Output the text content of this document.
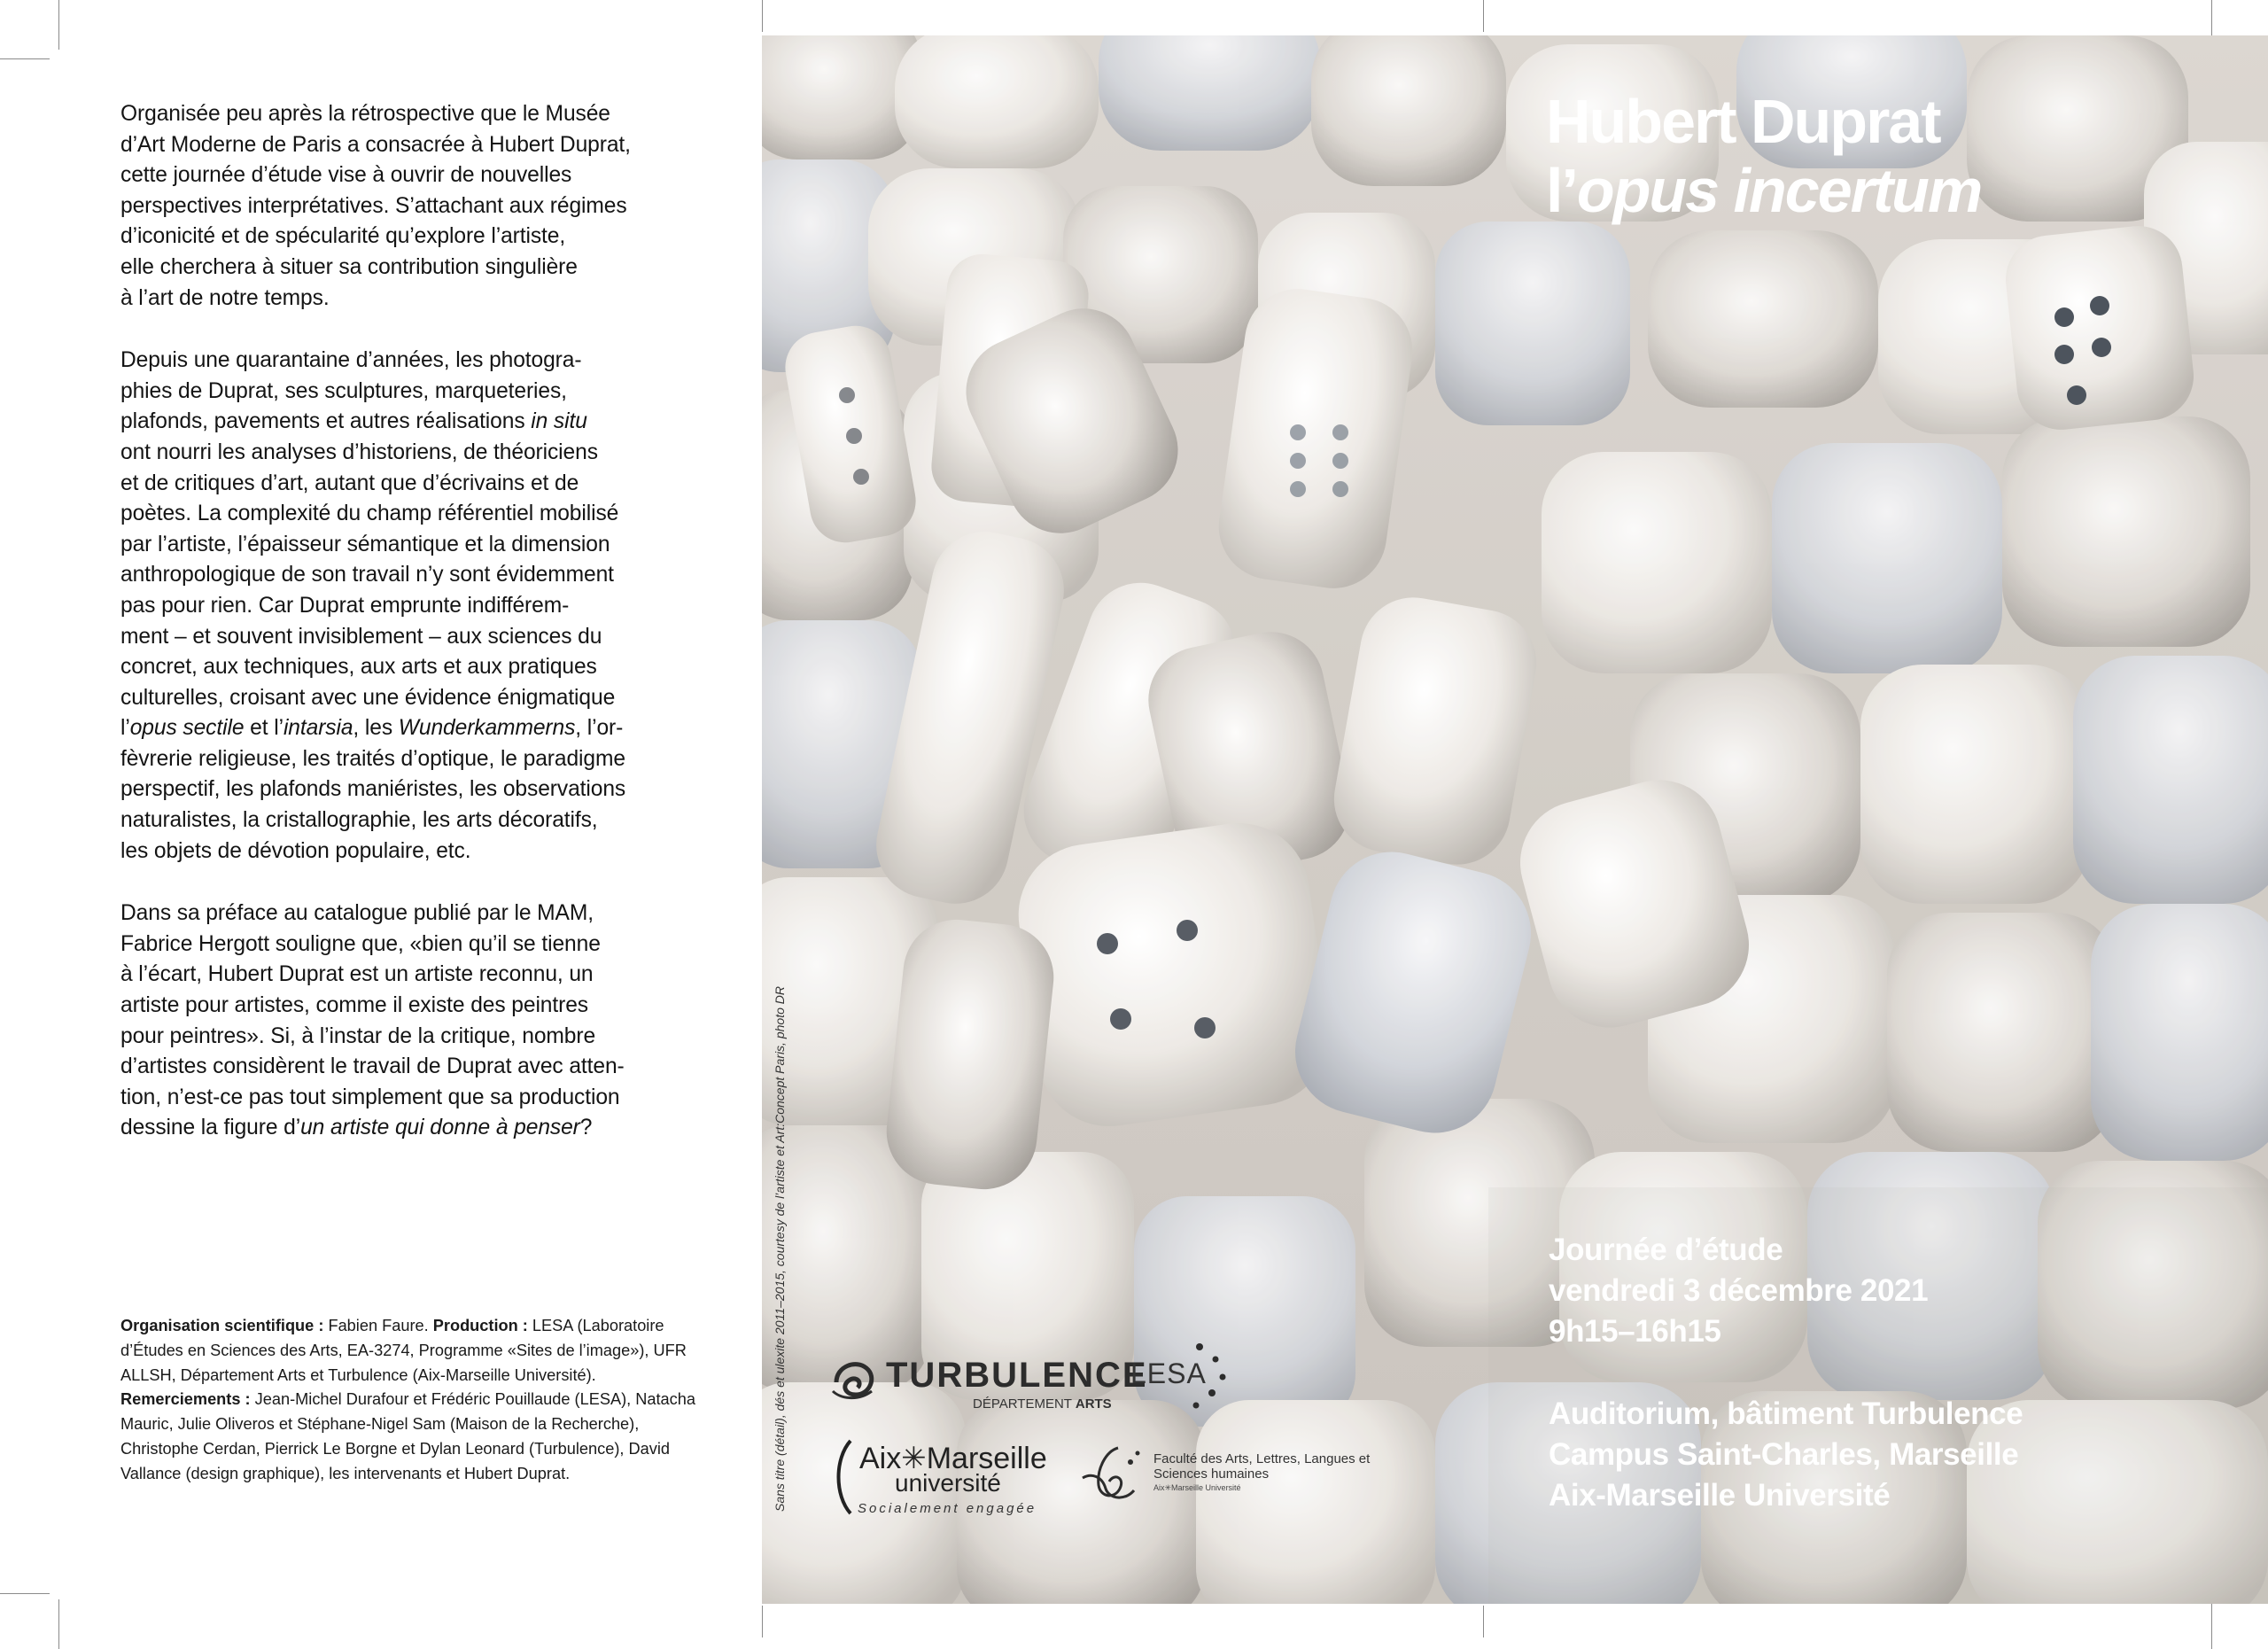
Organisée peu après la rétrospective que le Musée
d’Art Moderne de Paris a consacrée à Hubert Duprat,
cette journée d’étude vise à ouvrir de nouvelles
perspectives interprétatives. S’attachant aux régimes
d’iconicité et de spécularité qu’explore l’artiste,
elle cherchera à situer sa contribution singulière
à l’art de notre temps.

Depuis une quarantaine d’années, les photogra-
phies de Duprat, ses sculptures, marqueteries,
plafonds, pavements et autres réalisations in situ
ont nourri les analyses d’historiens, de théoriciens
et de critiques d’art, autant que d’écrivains et de
poètes. La complexité du champ référentiel mobilisé
par l’artiste, l’épaisseur sémantique et la dimension
anthropologique de son travail n’y sont évidemment
pas pour rien. Car Duprat emprunte indifférem-
ment – et souvent invisiblement – aux sciences du
concret, aux techniques, aux arts et aux pratiques
culturelles, croisant avec une évidence énigmatique
l’opus sectile et l’intarsia, les Wunderkammerns, l’or-
fèvrerie religieuse, les traités d’optique, le paradigme
perspectif, les plafonds maniéristes, les observations
naturalistes, la cristallographie, les arts décoratifs,
les objets de dévotion populaire, etc.

Dans sa préface au catalogue publié par le MAM,
Fabrice Hergott souligne que, «bien qu’il se tienne
à l’écart, Hubert Duprat est un artiste reconnu, un
artiste pour artistes, comme il existe des peintres
pour peintres». Si, à l’instar de la critique, nombre
d’artistes considèrent le travail de Duprat avec atten-
tion, n’est-ce pas tout simplement que sa production
dessine la figure d’un artiste qui donne à penser?

Organisation scientifique : Fabien Faure. Production : LESA (Laboratoire d’Études en Sciences des Arts, EA-3274, Programme «Sites de l’image»), UFR ALLSH, Département Arts et Turbulence (Aix-Marseille Université). Remerciements : Jean-Michel Durafour et Frédéric Pouillaude (LESA), Natacha Mauric, Julie Oliveros et Stéphane-Nigel Sam (Maison de la Recherche), Christophe Cerdan, Pierrick Le Borgne et Dylan Leonard (Turbulence), David Vallance (design graphique), les intervenants et Hubert Duprat.	Sans titre (détail), dés et ulexite 2011–2015, courtesy de l’artiste et Art:Concept Paris, photo DR
Hubert Duprat
l’opus incertum
Journée d’étude
vendredi 3 décembre 2021
9h15–16h15
Auditorium, bâtiment Turbulence
Campus Saint-Charles, Marseille
Aix-Marseille Université
TURBULENCE
DÉPARTEMENT ARTS
LESA
Aix✳Marseille
université
Socialement engagée
Faculté des Arts, Lettres, Langues et Sciences humaines
Aix✳Marseille Université
